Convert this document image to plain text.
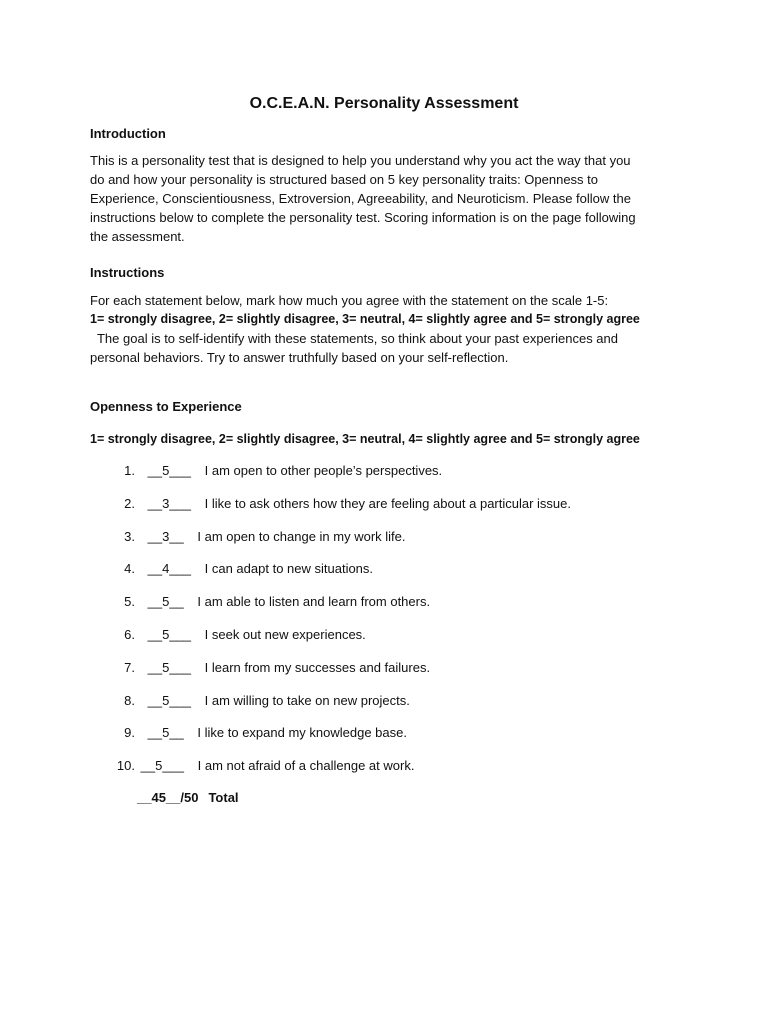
O.C.E.A.N. Personality Assessment
Introduction

This is a personality test that is designed to help you understand why you act the way that you
do and how your personality is structured based on 5 key personality traits: Openness to
Experience, Conscientiousness, Extroversion, Agreeability, and Neuroticism. Please follow the
instructions below to complete the personality test. Scoring information is on the page following
the assessment.

Instructions

For each statement below, mark how much you agree with the statement on the scale 1-5:
1= strongly disagree, 2= slightly disagree, 3= neutral, 4= slightly agree and 5= strongly agree
The goal is to self-identify with these statements, so think about your past experiences and
personal behaviors. Try to answer truthfully based on your self-reflection.

Openness to Experience

1= strongly disagree, 2= slightly disagree, 3= neutral, 4= slightly agree and 5= strongly agree

1. __5___ I am open to other people’s perspectives.
2. __3___ I like to ask others how they are feeling about a particular issue.
3. __3__ I am open to change in my work life.
4. __4___ I can adapt to new situations.
5. __5__ I am able to listen and learn from others.
6. __5___ I seek out new experiences.
7. __5___ I learn from my successes and failures.
8. __5___ I am willing to take on new projects.
9. __5__ I like to expand my knowledge base.
10. __5___ I am not afraid of a challenge at work.
__45__/50 Total
